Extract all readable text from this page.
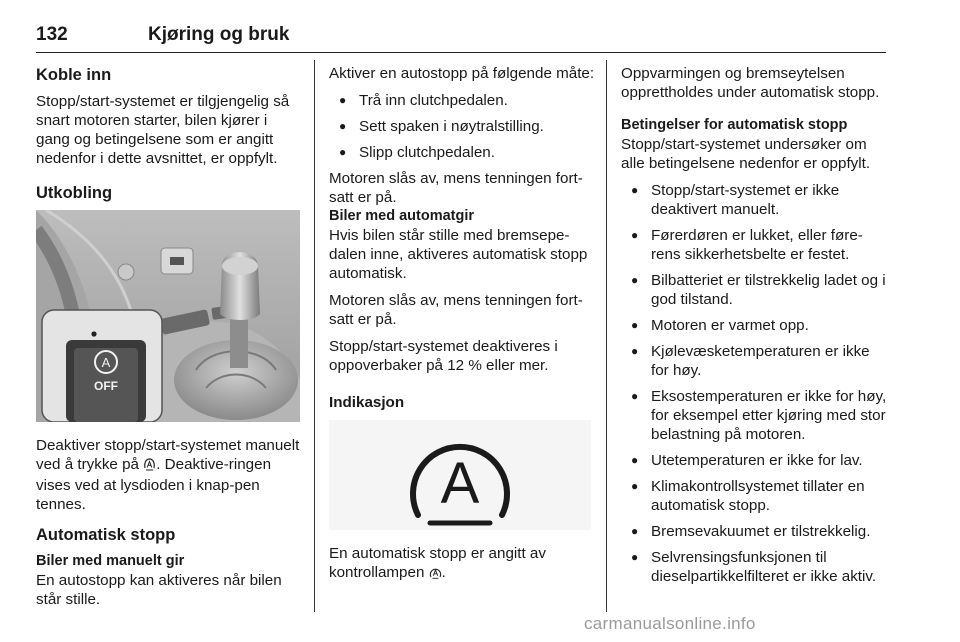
132	Kjøring og bruk
Koble inn

Stopp/start-systemet er tilgjengelig så snart motoren starter, bilen kjører i gang og betingelsene som er angitt nedenfor i dette avsnittet, er oppfylt.

Utkobling
A
OFF

Deaktiver stopp/start-systemet manuelt ved å trykke på . Deaktive-ringen vises ved at lysdioden i knap-pen tennes.

Automatisk stopp
Biler med manuelt gir

En autostopp kan aktiveres når bilen står stille.

Aktiver en autostopp på følgende måte:

● Trå inn clutchpedalen.
● Sett spaken i nøytralstilling.
● Slipp clutchpedalen.

Motoren slås av, mens tenningen fort-satt er på.

Biler med automatgir

Hvis bilen står stille med bremsepe-dalen inne, aktiveres automatisk stopp automatisk.

Motoren slås av, mens tenningen fort-satt er på.

Stopp/start-systemet deaktiveres i oppoverbaker på 12 % eller mer.

Indikasjon
A

En automatisk stopp er angitt av kontrollampen .

Oppvarmingen og bremseytelsen opprettholdes under automatisk stopp.

Betingelser for automatisk stopp

Stopp/start-systemet undersøker om alle betingelsene nedenfor er oppfylt.

● Stopp/start-systemet er ikke deaktivert manuelt.
● Førerdøren er lukket, eller føre-rens sikkerhetsbelte er festet.
● Bilbatteriet er tilstrekkelig ladet og i god tilstand.
● Motoren er varmet opp.
● Kjølevæsketemperaturen er ikke for høy.
● Eksostemperaturen er ikke for høy, for eksempel etter kjøring med stor belastning på motoren.
● Utetemperaturen er ikke for lav.
● Klimakontrollsystemet tillater en automatisk stopp.
● Bremsevakuumet er tilstrekkelig.
● Selvrensingsfunksjonen til dieselpartikkelfilteret er ikke aktiv.
carmanualsonline.info
